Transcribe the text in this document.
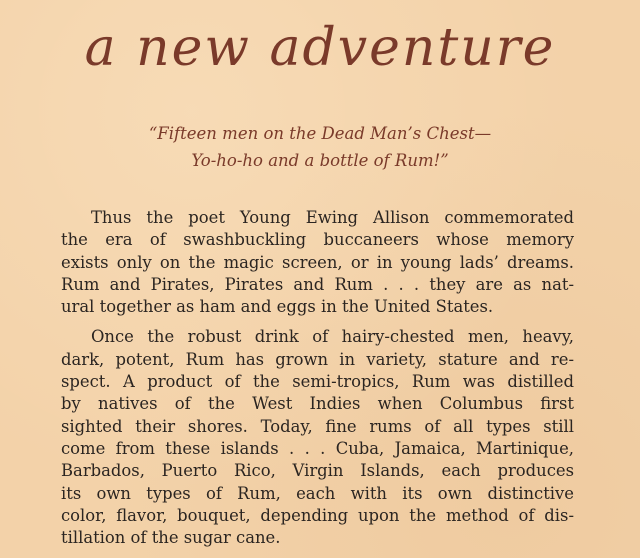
a new adventure
“Fifteen men on the Dead Man’s Chest—
Yo-ho-ho and a bottle of Rum!”

Thus the poet Young Ewing Allison commemorated
the era of swashbuckling buccaneers whose memory
exists only on the magic screen, or in young lads’ dreams.
Rum and Pirates, Pirates and Rum . . . they are as nat-
ural together as ham and eggs in the United States.

Once the robust drink of hairy-chested men, heavy,
dark, potent, Rum has grown in variety, stature and re-
spect. A product of the semi-tropics, Rum was distilled
by natives of the West Indies when Columbus first
sighted their shores. Today, fine rums of all types still
come from these islands . . . Cuba, Jamaica, Martinique,
Barbados, Puerto Rico, Virgin Islands, each produces
its own types of Rum, each with its own distinctive
color, flavor, bouquet, depending upon the method of dis-
tillation of the sugar cane.
